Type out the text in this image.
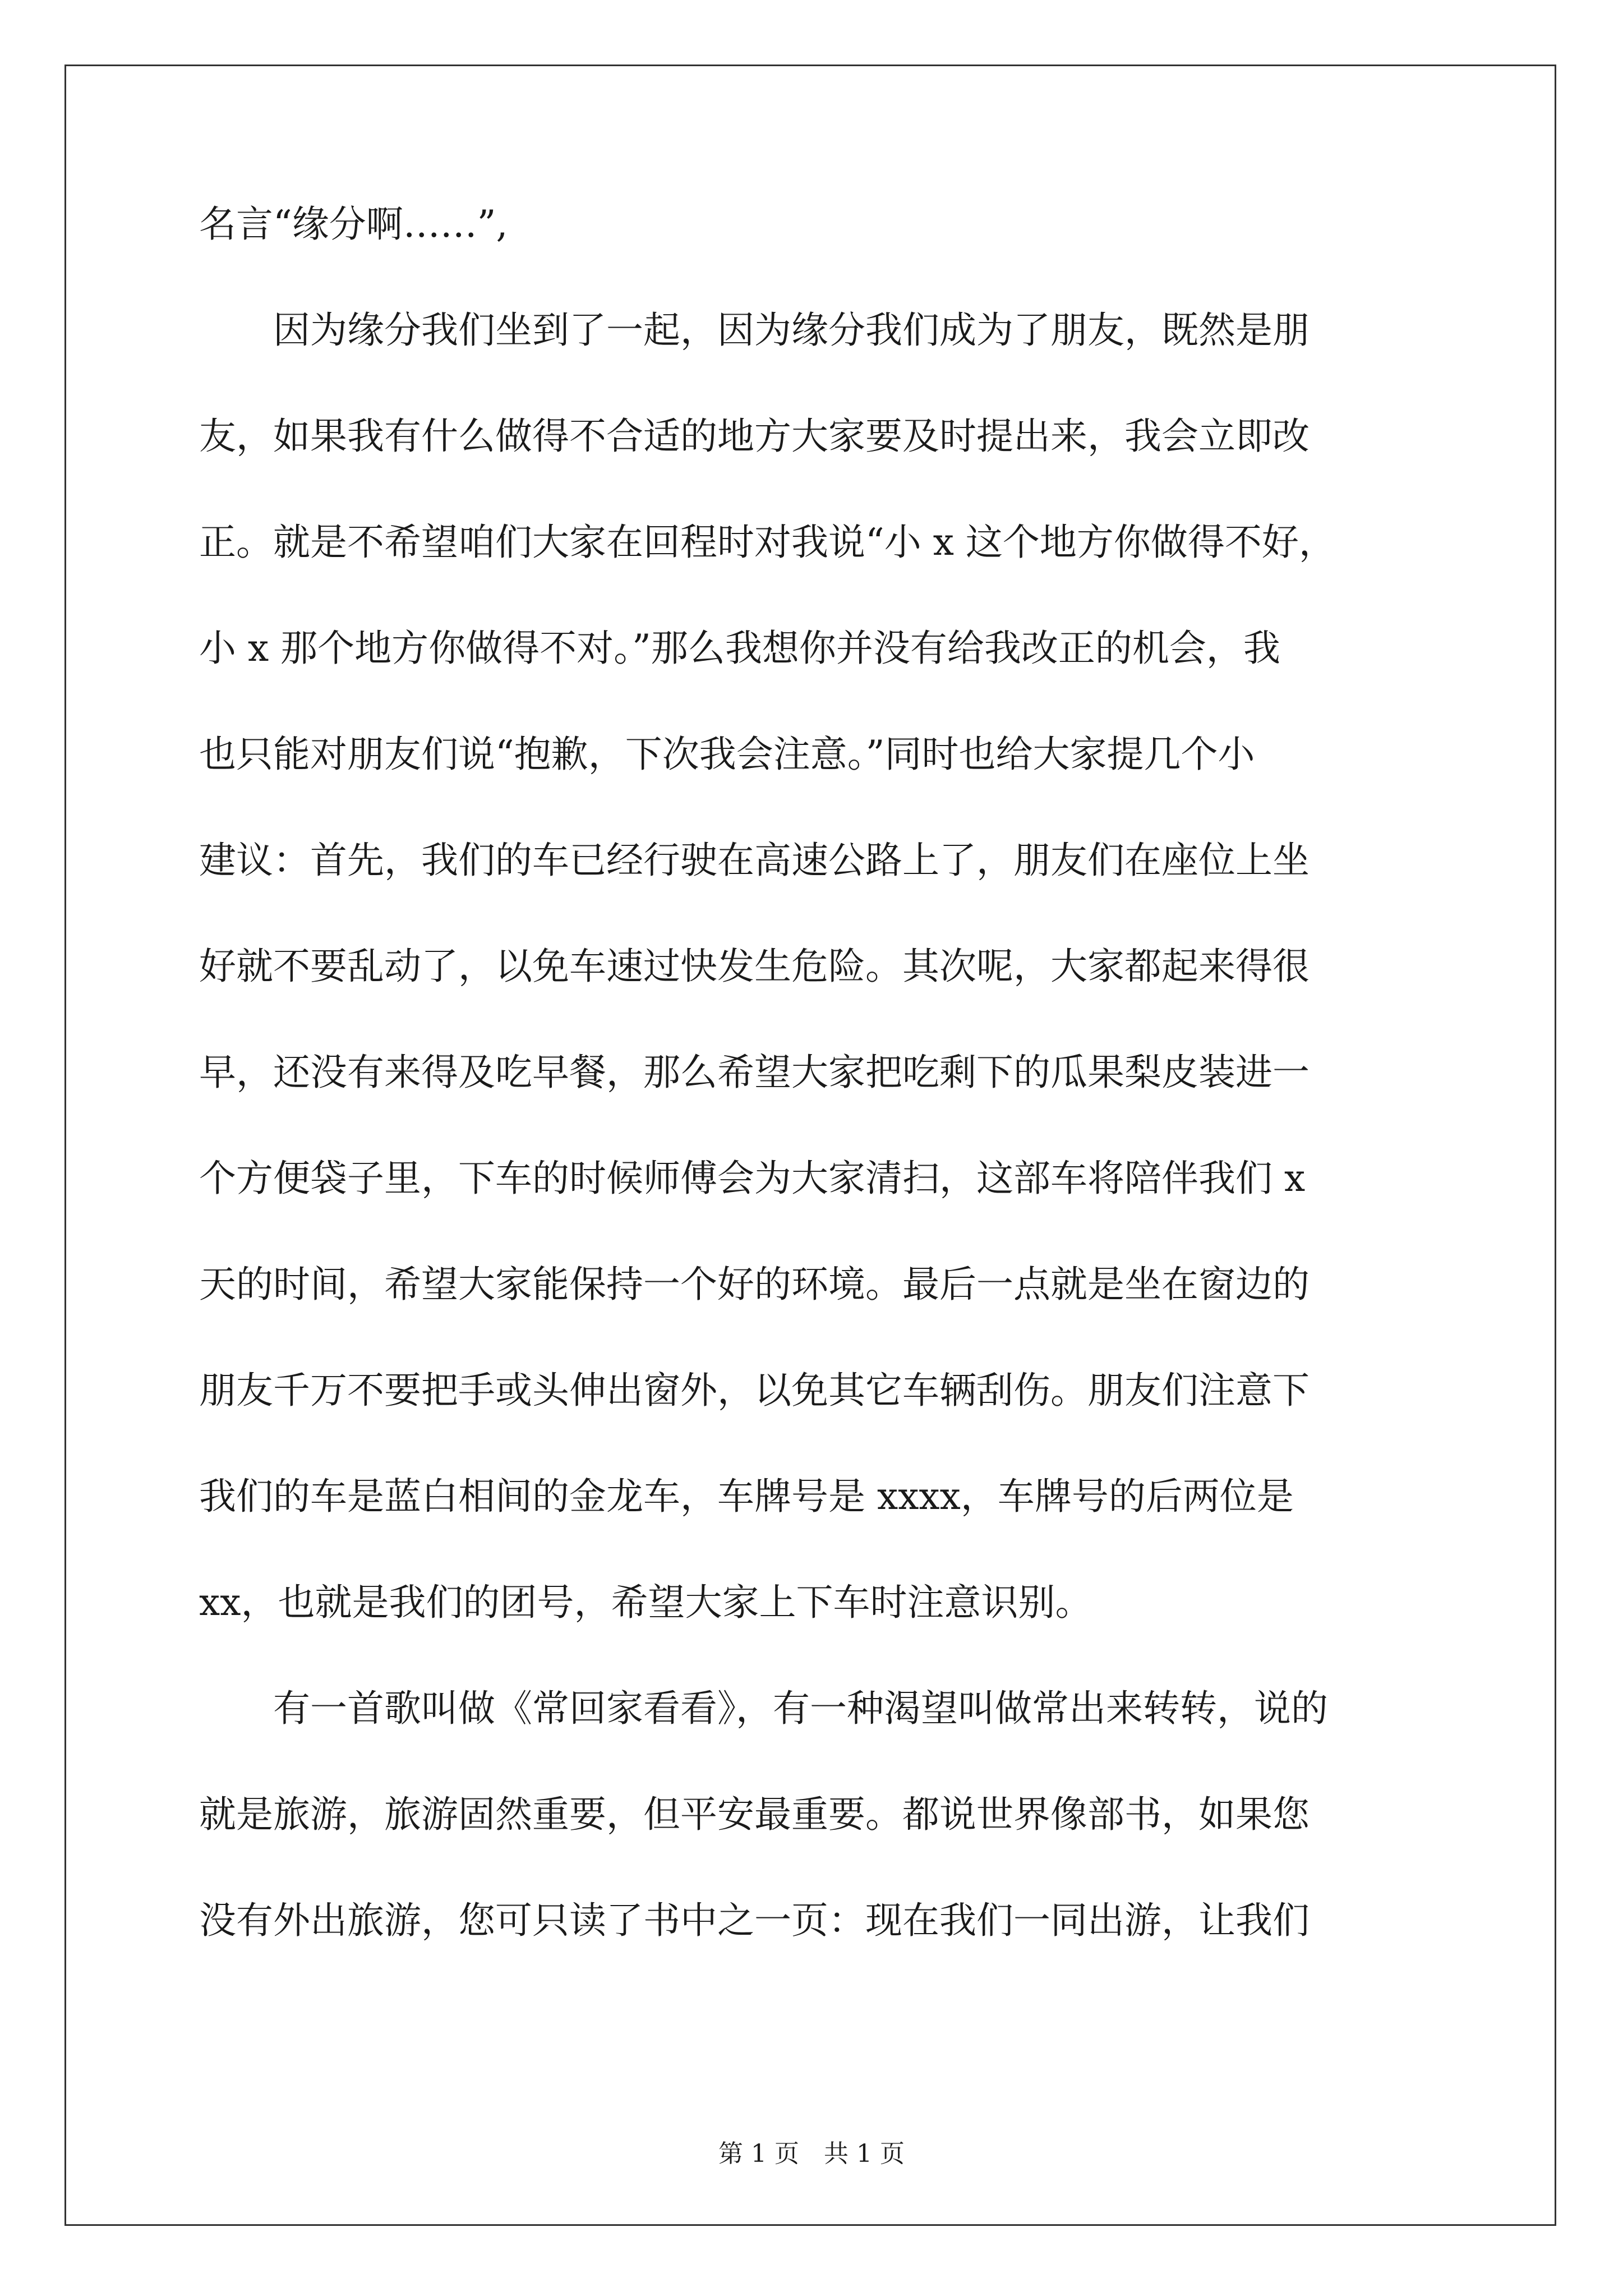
名言“缘分啊……”,
　　因为缘分我们坐到了一起，因为缘分我们成为了朋友，既然是朋
友，如果我有什么做得不合适的地方大家要及时提出来，我会立即改
正。就是不希望咱们大家在回程时对我说“小 x 这个地方你做得不好，
小 x 那个地方你做得不对。”那么我想你并没有给我改正的机会，我
也只能对朋友们说“抱歉，下次我会注意。”同时也给大家提几个小
建议：首先，我们的车已经行驶在高速公路上了，朋友们在座位上坐
好就不要乱动了，以免车速过快发生危险。其次呢，大家都起来得很
早，还没有来得及吃早餐，那么希望大家把吃剩下的瓜果梨皮装进一
个方便袋子里，下车的时候师傅会为大家清扫，这部车将陪伴我们 x
天的时间，希望大家能保持一个好的环境。最后一点就是坐在窗边的
朋友千万不要把手或头伸出窗外，以免其它车辆刮伤。朋友们注意下
我们的车是蓝白相间的金龙车，车牌号是 xxxx，车牌号的后两位是
xx，也就是我们的团号，希望大家上下车时注意识别。
　　有一首歌叫做《常回家看看》，有一种渴望叫做常出来转转，说的
就是旅游，旅游固然重要，但平安最重要。都说世界像部书，如果您
没有外出旅游，您可只读了书中之一页：现在我们一同出游，让我们
第 1 页　共 1 页
